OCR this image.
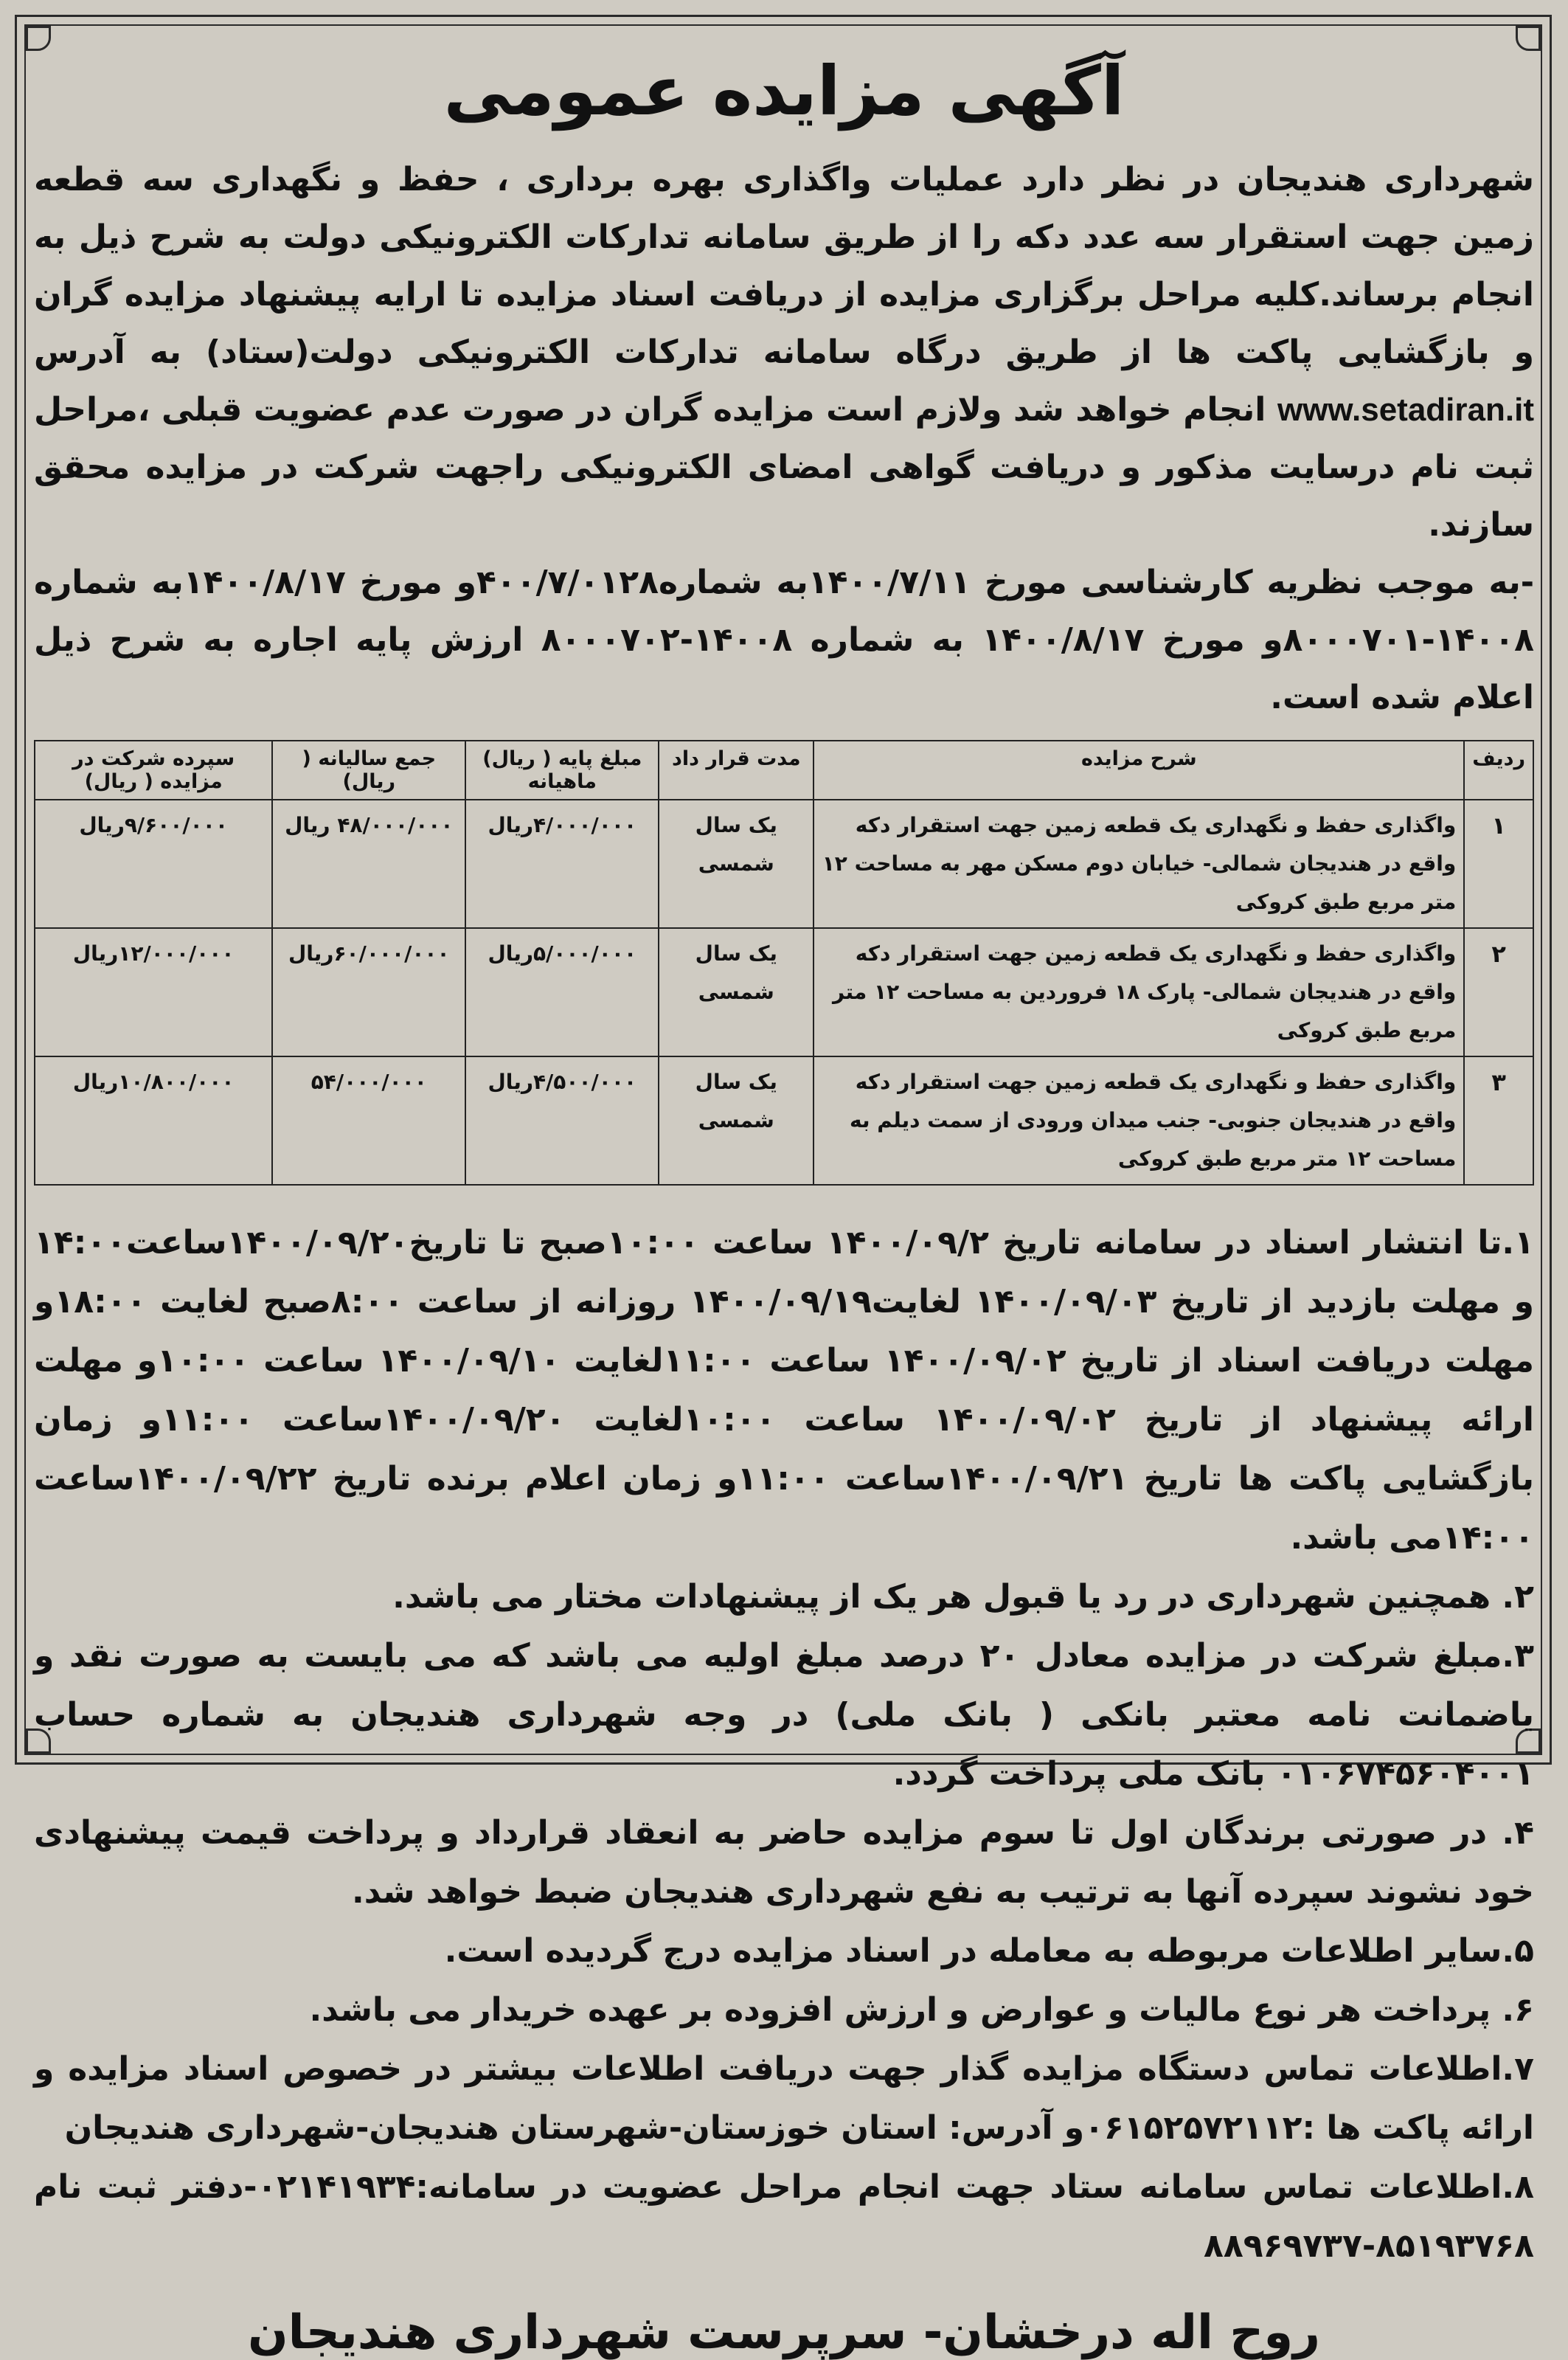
آگهی مزایده عمومی

شهرداری هندیجان در نظر دارد عملیات واگذاری بهره برداری ، حفظ و نگهداری سه قطعه زمین جهت استقرار سه عدد دکه را از طریق سامانه تدارکات الکترونیکی دولت به شرح ذیل به انجام برساند.کلیه مراحل برگزاری مزایده از دریافت اسناد مزایده تا ارایه پیشنهاد مزایده گران و بازگشایی پاکت ها از طریق درگاه سامانه تدارکات الکترونیکی دولت(ستاد) به آدرس www.setadiran.it انجام خواهد شد ولازم است مزایده گران در صورت عدم عضویت قبلی ،مراحل ثبت نام درسایت مذکور و دریافت گواهی امضای الکترونیکی راجهت شرکت در مزایده محقق سازند.

-به موجب نظریه کارشناسی مورخ ۱۴۰۰/۷/۱۱به شماره۴۰۰/۷/۰۱۲۸و مورخ ۱۴۰۰/۸/۱۷به شماره ۱۴۰۰۸-۸۰۰۰۷۰۱و مورخ ۱۴۰۰/۸/۱۷ به شماره ۱۴۰۰۸-۸۰۰۰۷۰۲ ارزش پایه اجاره به شرح ذیل اعلام شده است.

ردیف	شرح مزایده	مدت قرار داد	مبلغ پایه ( ریال) ماهیانه	جمع سالیانه ( ریال)	سپرده شرکت در مزایده ( ریال)
۱	واگذاری حفظ و نگهداری یک قطعه زمین جهت استقرار دکه واقع در هندیجان شمالی- خیابان دوم مسکن مهر به مساحت ۱۲ متر مربع طبق کروکی	یک سال شمسی	۴/۰۰۰/۰۰۰ریال	۴۸/۰۰۰/۰۰۰ ریال	۹/۶۰۰/۰۰۰ریال
۲	واگذاری حفظ و نگهداری یک قطعه زمین جهت استقرار دکه واقع در هندیجان شمالی- پارک ۱۸ فروردین به مساحت ۱۲ متر مربع طبق کروکی	یک سال شمسی	۵/۰۰۰/۰۰۰ریال	۶۰/۰۰۰/۰۰۰ریال	۱۲/۰۰۰/۰۰۰ریال
۳	واگذاری حفظ و نگهداری یک قطعه زمین جهت استقرار دکه واقع در هندیجان جنوبی- جنب میدان ورودی از سمت دیلم به مساحت ۱۲ متر مربع طبق کروکی	یک سال شمسی	۴/۵۰۰/۰۰۰ریال	۵۴/۰۰۰/۰۰۰	۱۰/۸۰۰/۰۰۰ریال

۱.تا انتشار اسناد در سامانه تاریخ ۱۴۰۰/۰۹/۲ ساعت ۱۰:۰۰صبح تا تاریخ۱۴۰۰/۰۹/۲۰ساعت۱۴:۰۰ و مهلت بازدید از تاریخ ۱۴۰۰/۰۹/۰۳ لغایت۱۴۰۰/۰۹/۱۹ روزانه از ساعت ۸:۰۰صبح لغایت ۱۸:۰۰و مهلت دریافت اسناد از تاریخ ۱۴۰۰/۰۹/۰۲ ساعت ۱۱:۰۰لغایت ۱۴۰۰/۰۹/۱۰ ساعت ۱۰:۰۰و مهلت ارائه پیشنهاد از تاریخ ۱۴۰۰/۰۹/۰۲ ساعت ۱۰:۰۰لغایت ۱۴۰۰/۰۹/۲۰ساعت ۱۱:۰۰و زمان بازگشایی پاکت ها تاریخ ۱۴۰۰/۰۹/۲۱ساعت ۱۱:۰۰و زمان اعلام برنده تاریخ ۱۴۰۰/۰۹/۲۲ساعت ۱۴:۰۰می باشد.

۲. همچنین شهرداری در رد یا قبول هر یک از پیشنهادات مختار می باشد.

۳.مبلغ شرکت در مزایده معادل ۲۰ درصد مبلغ اولیه می باشد که می بایست به صورت نقد و یاضمانت نامه معتبر بانکی ( بانک ملی) در وجه شهرداری هندیجان به شماره حساب ۰۱۰۶۷۴۵۶۰۴۰۰۱ بانک ملی پرداخت گردد.

۴. در صورتی برندگان اول تا سوم مزایده حاضر به انعقاد قرارداد و پرداخت قیمت پیشنهادی خود نشوند سپرده آنها به ترتیب به نفع شهرداری هندیجان ضبط خواهد شد.

۵.سایر اطلاعات مربوطه به معامله در اسناد مزایده درج گردیده است.

۶. پرداخت هر نوع مالیات و عوارض و ارزش افزوده بر عهده خریدار می باشد.

۷.اطلاعات تماس دستگاه مزایده گذار جهت دریافت اطلاعات بیشتر در خصوص اسناد مزایده و ارائه پاکت ها :۰۶۱۵۲۵۷۲۱۱۲و آدرس: استان خوزستان-شهرستان هندیجان-شهرداری هندیجان

۸.اطلاعات تماس سامانه ستاد جهت انجام مراحل عضویت در سامانه:۰۲۱۴۱۹۳۴-دفتر ثبت نام ۸۵۱۹۳۷۶۸-۸۸۹۶۹۷۳۷

روح اله درخشان- سرپرست شهرداری هندیجان
